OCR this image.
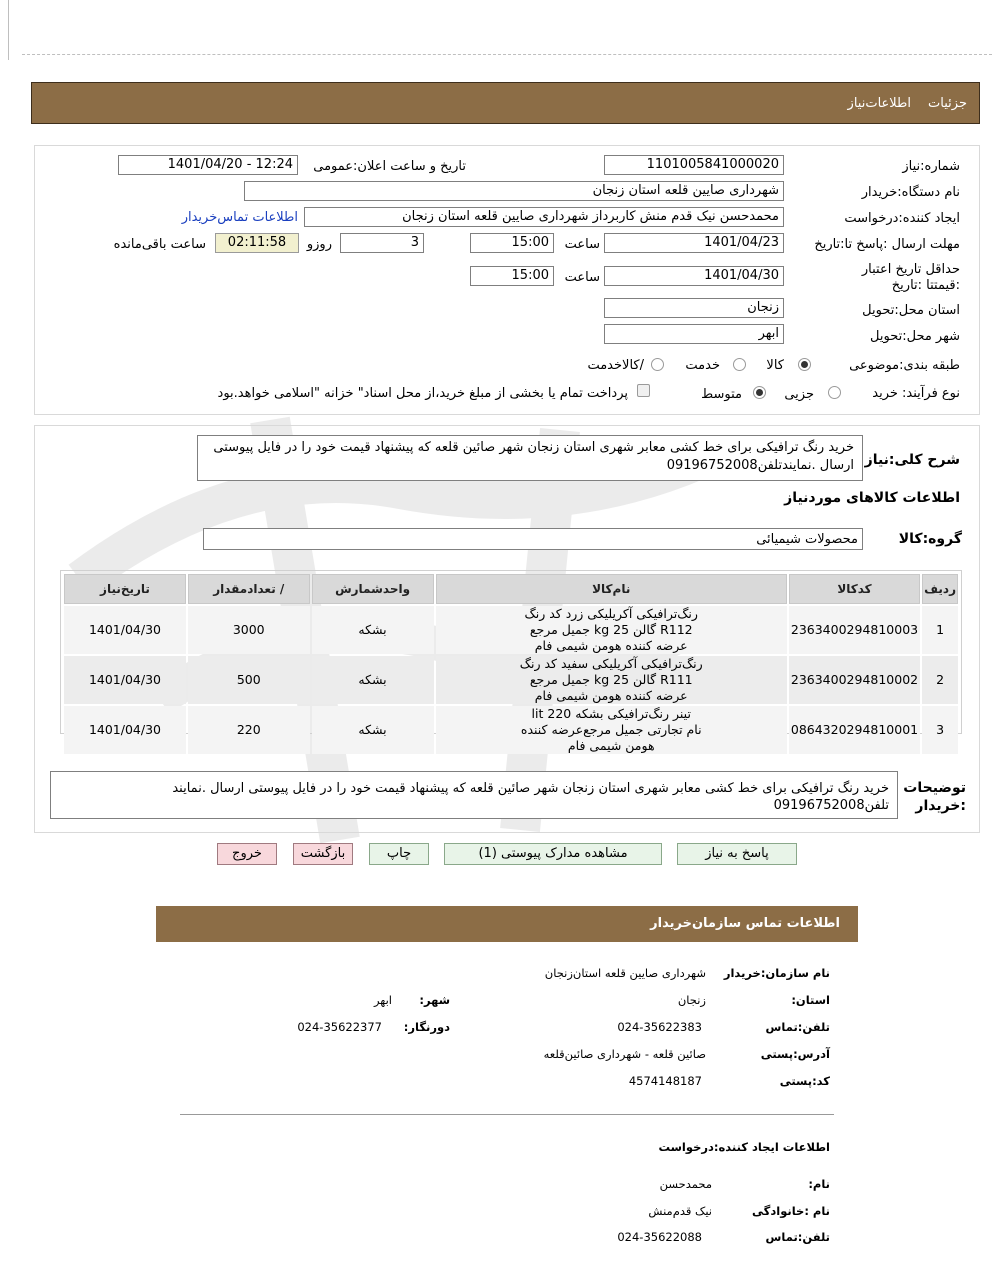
جزئیات
اطلاعات‌نیاز
شماره:نیاز
1101005841000020
تاریخ و ساعت اعلان:عمومی
1401/04/20 - 12:24
نام دستگاه:خریدار
شهرداری صایین قلعه استان زنجان
ایجاد کننده:درخواست
محمدحسن نیک قدم منش کاربرداز شهرداری صایین قلعه استان زنجان
اطلاعات تماس‌خریدار
مهلت ارسال :پاسخ تا:تاریخ
1401/04/23
ساعت
15:00
3
روزو
02:11:58
ساعت باقی‌مانده
حداقل تاریخ اعتبار :قیمتتا :تاریخ
1401/04/30
ساعت
15:00
استان محل:تحویل
زنجان
شهر محل:تحویل
ابهر
طبقه بندی:موضوعی
کالا
خدمت
/کالاخدمت
نوع فرآیند: خرید
جزیی
متوسط
پرداخت تمام یا بخشی از مبلغ خرید،از محل اسناد" خزانه "اسلامی خواهد.بود
شرح کلی:نیاز
خرید رنگ ترافیکی برای خط کشی معابر شهری استان زنجان شهر صائین قلعه که پیشنهاد قیمت خود را در فایل پیوستی ارسال .نمایندتلفن09196752008
اطلاعات کالاهای موردنیاز
گروه:کالا
محصولات شیمیائی
ردیف	کدکالا	نام‌کالا	واحدشمارش	/ تعدادمقدار	تاریخ‌نیاز
1	2363400294810003	رنگ‌ترافیکی آکریلیکی زرد کد رنگ
R112 گالن 25 kg جمیل مرجع
عرضه کننده هومن شیمی فام	بشکه	3000	1401/04/30
2	2363400294810002	رنگ‌ترافیکی آکریلیکی سفید کد رنگ
R111 گالن 25 kg جمیل مرجع
عرضه کننده هومن شیمی فام	بشکه	500	1401/04/30
3	0864320294810001	تینر رنگ‌ترافیکی بشکه 220 lit
نام تجارتی جمیل مرجع‌عرضه کننده
هومن شیمی فام	بشکه	220	1401/04/30
توضیحات
:خریدار
خرید رنگ ترافیکی برای خط کشی معابر شهری استان زنجان شهر صائین قلعه که پیشنهاد قیمت خود را در فایل پیوستی ارسال .نمایند
تلفن09196752008
پاسخ به نیاز
مشاهده مدارک پیوستی (1)
چاپ
بازگشت
خروج
اطلاعات تماس سازمان‌خریدار
نام سازمان:خریدار
شهرداری صایین قلعه استان‌زنجان
استان:
زنجان
شهر:
ابهر
تلفن:تماس
024-35622383
دورنگار:
024-35622377
آدرس:پستی
صائین قلعه - شهرداری صائین‌قلعه
کد:پستی
4574148187
اطلاعات ایجاد کننده:درخواست
نام:
محمدحسن
نام :خانوادگی
نیک قدم‌منش
تلفن:تماس
024-35622088
